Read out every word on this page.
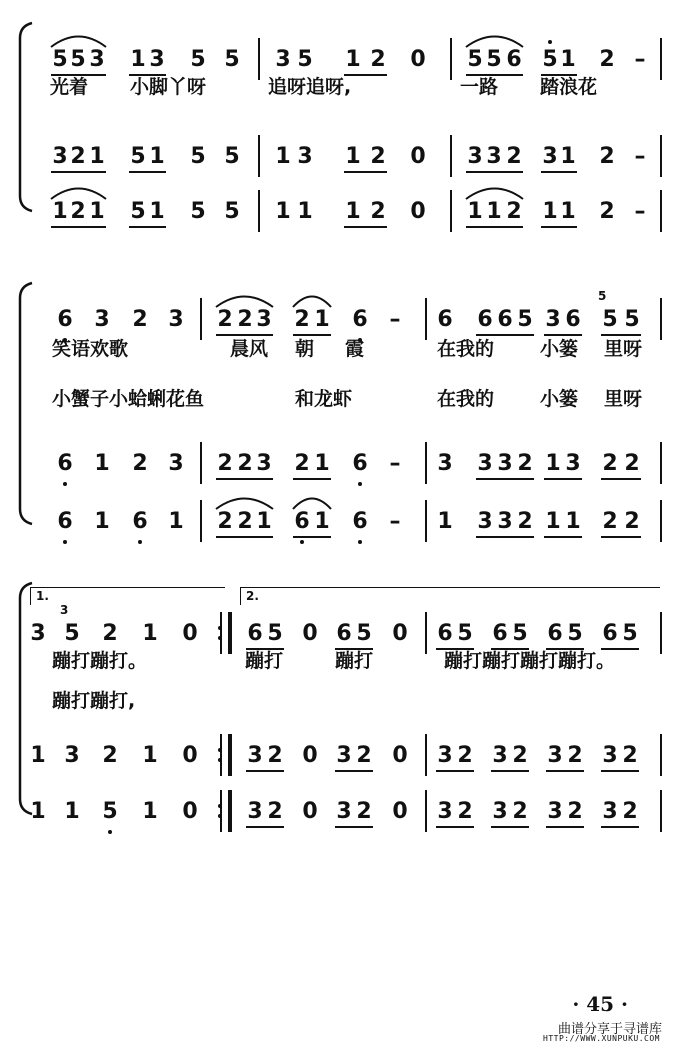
5 5 3 1 3 5 5 3 5 1 2 0 5 5 6 5 1 2 –
3 2 1 5 1 5 5 1 3 1 2 0 3 3 2 3 1 2 –
1 2 1 5 1 5 5 1 1 1 2 0 1 1 2 1 1 2 –
光着 小脚丫呀	追呀追呀,	一路 踏浪花
6 3 2 3 2 2 3 2 1 6 – 6 6 6 5 3 6 5 5
6 1 2 3 2 2 3 2 1 6 – 3 3 3 2 1 3 2 2
6 1 6 1 2 2 1 6 1 6 – 1 3 3 2 1 1 2 2
笑语欢歌	晨风 朝 霞	在我的 小篓 里呀
小蟹子小蛤蜊花鱼	和龙虾	在我的 小篓 里呀
5
3 5 2 1 0 6 5 0 6 5 0 6 5 6 5 6 5 6 5
1 3 2 1 0 3 2 0 3 2 0 3 2 3 2 3 2 3 2
1 1 5 1 0 3 2 0 3 2 0 3 2 3 2 3 2 3 2
蹦打蹦打。	蹦打	蹦打	蹦打蹦打蹦打蹦打。
蹦打蹦打,
3
1.	2.
· 45 ·
曲谱分享于寻谱库
HTTP://WWW.XUNPUKU.COM
